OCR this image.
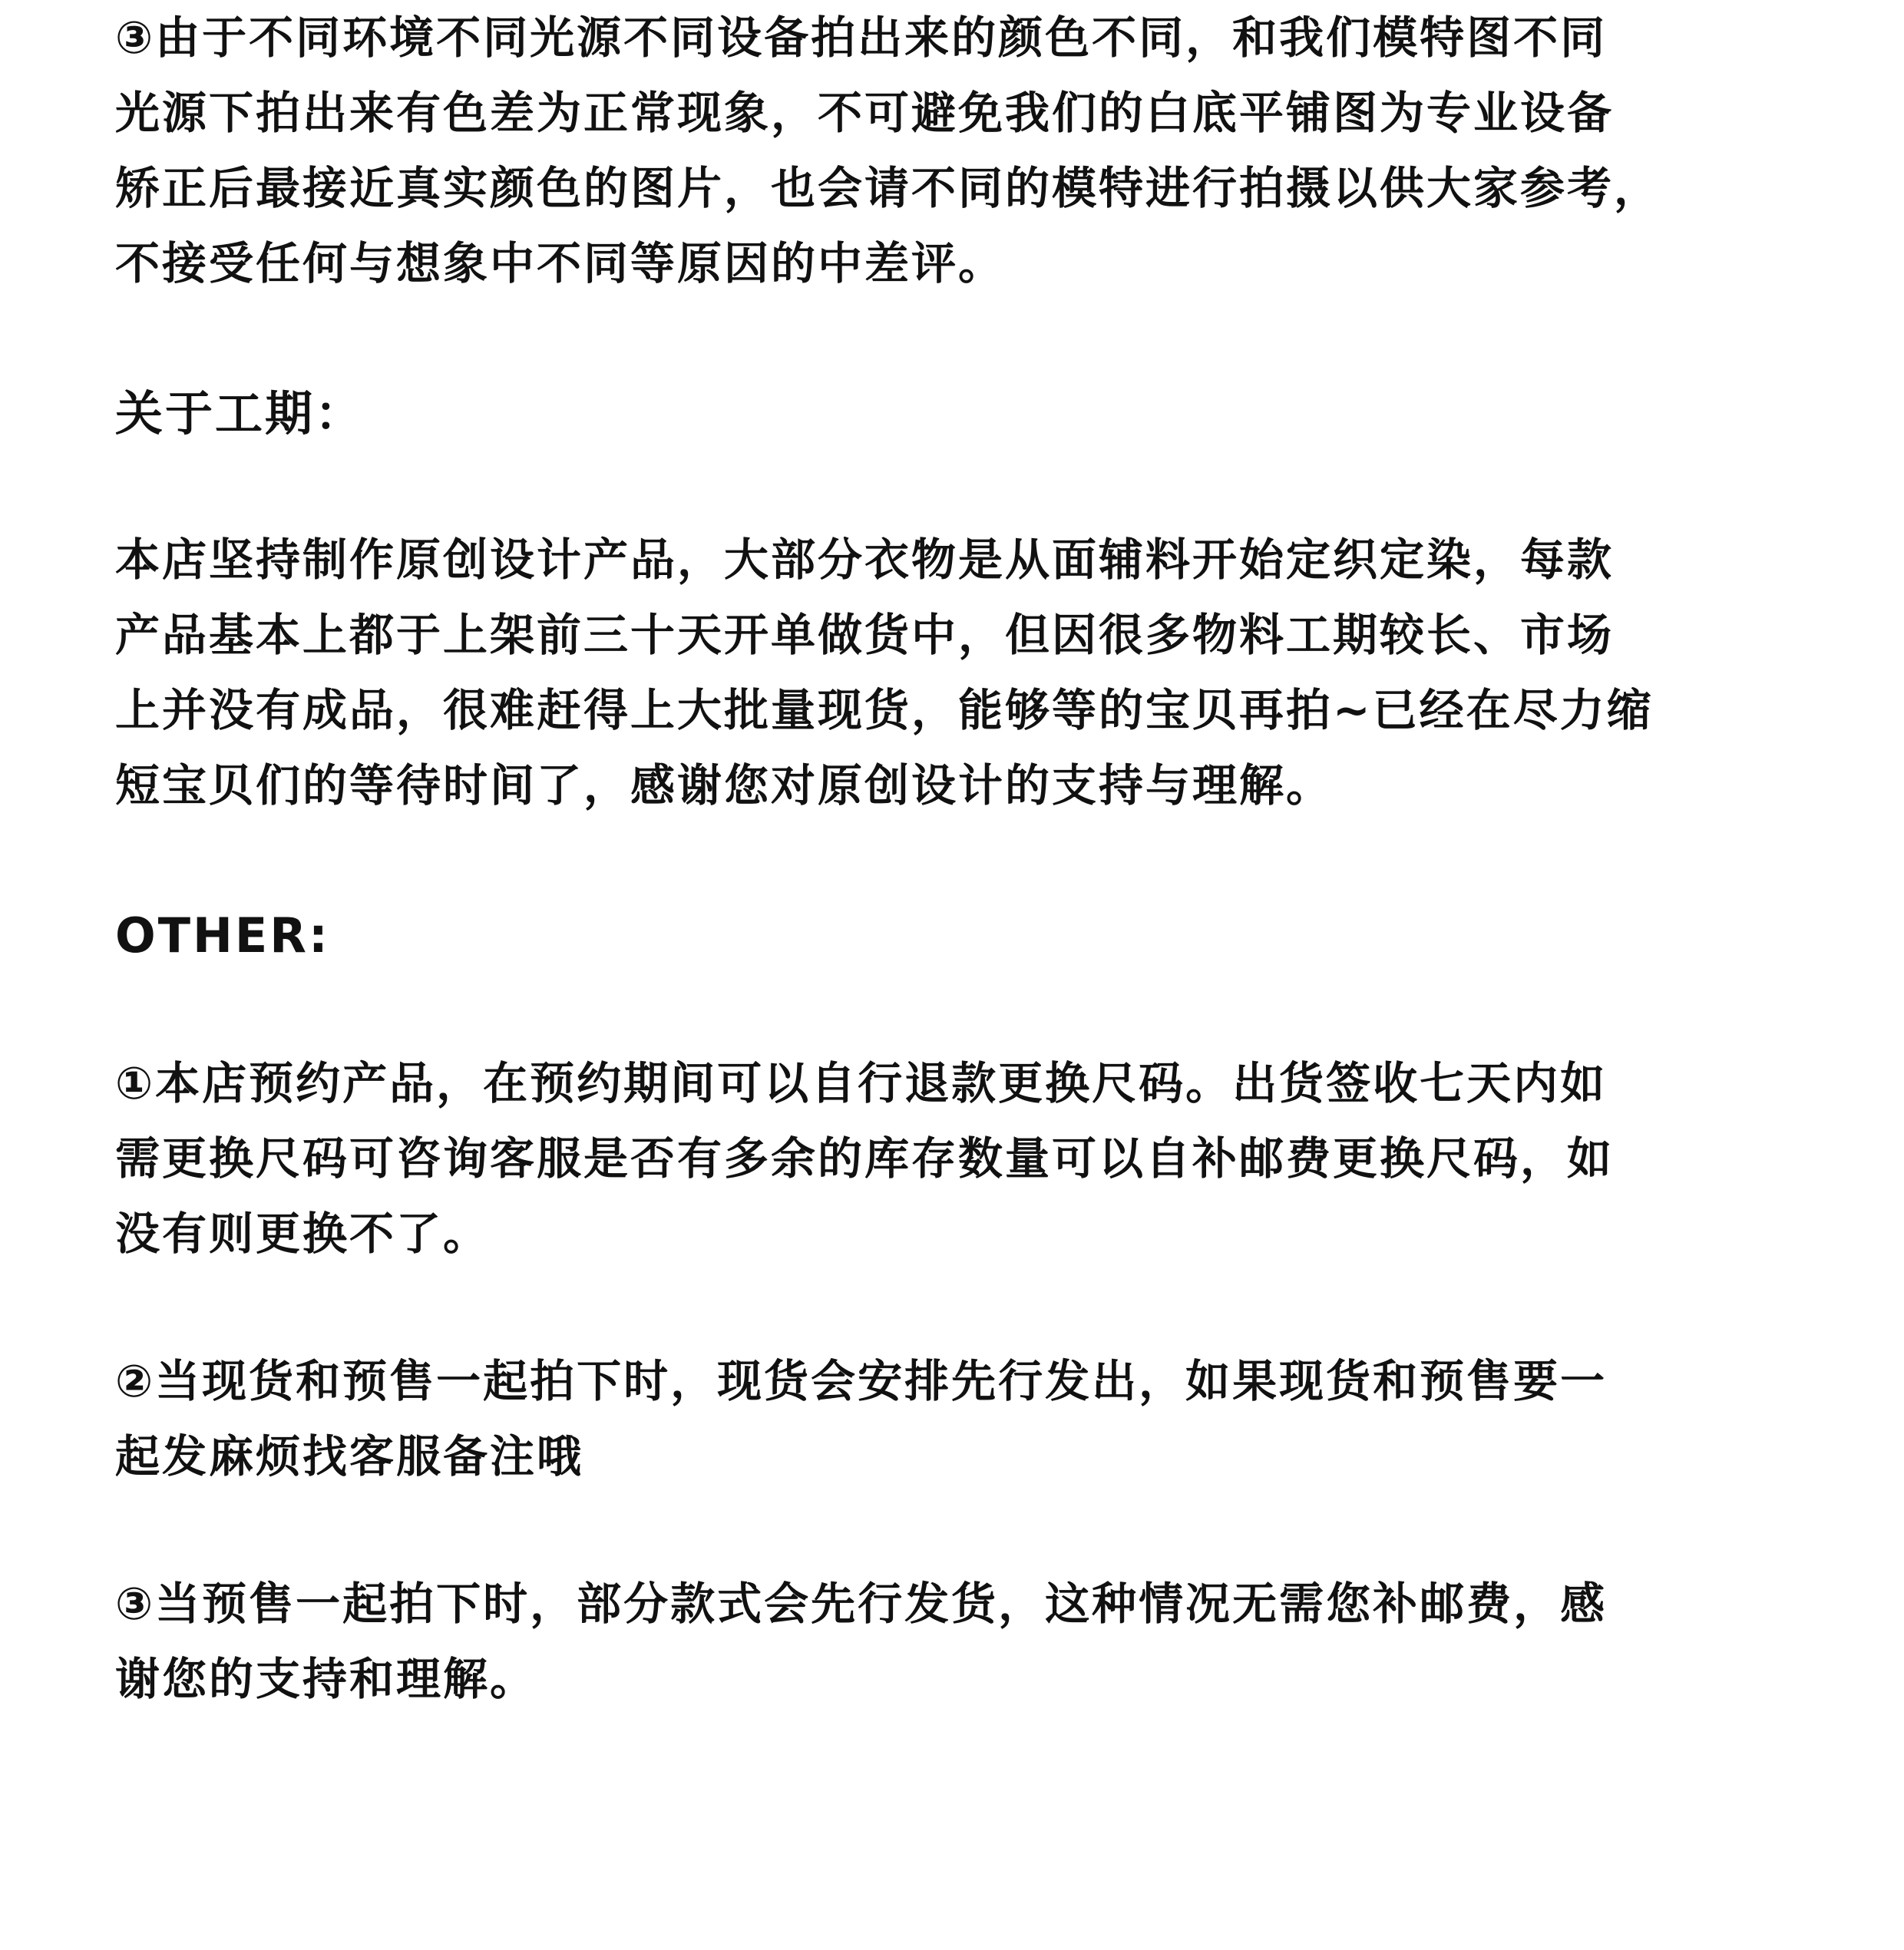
③由于不同环境不同光源不同设备拍出来的颜色不同，和我们模特图不同
光源下拍出来有色差为正常现象，不可避免我们的白底平铺图为专业设备
矫正后最接近真实颜色的图片，也会请不同的模特进行拍摄以供大家参考，
不接受任何与想象中不同等原因的中差评。

关于工期：

本店坚持制作原创设计产品，大部分衣物是从面辅料开始定织定染，每款
产品基本上都于上架前三十天开单做货中，但因很多物料工期较长、市场
上并没有成品，很难赶得上大批量现货，能够等的宝贝再拍~已经在尽力缩
短宝贝们的等待时间了，感谢您对原创设计的支持与理解。

OTHER:

①本店预约产品，在预约期间可以自行退款更换尺码。出货签收七天内如
需更换尺码可咨询客服是否有多余的库存数量可以自补邮费更换尺码，如
没有则更换不了。

②当现货和预售一起拍下时，现货会安排先行发出，如果现货和预售要一
起发麻烦找客服备注哦

③当预售一起拍下时，部分款式会先行发货，这种情况无需您补邮费，感
谢您的支持和理解。
